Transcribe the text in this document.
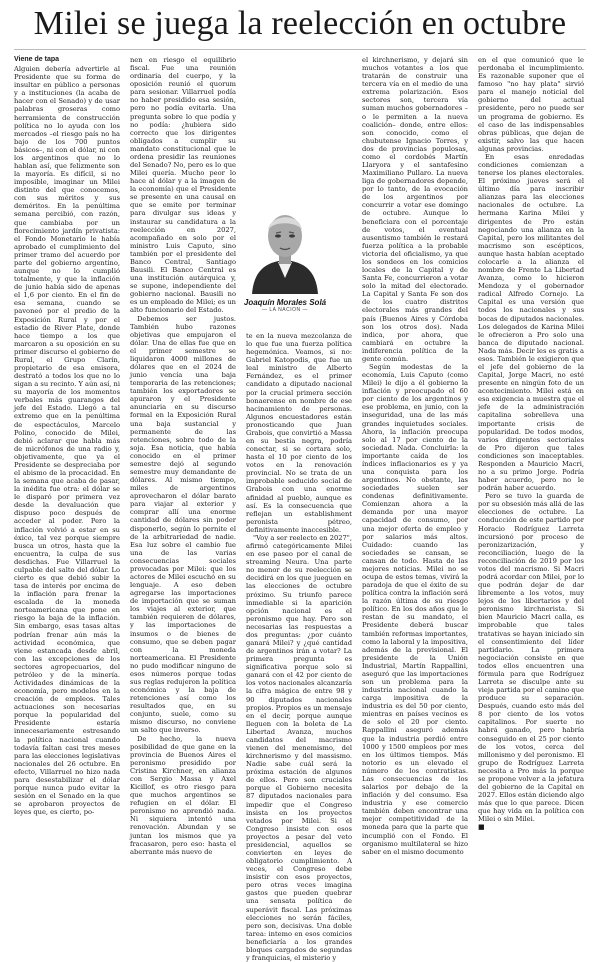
Milei se juega la reelección en octubre
Viene de tapa

Alguien debería advertirle al Presidente que su forma de insultar en público a personas y a instituciones (la acaba de hacer con el Senado) y de usar palabras groseras como herramienta de construcción política no lo ayuda con los mercados –el riesgo país no ha bajo de los 700 puntos básicos–, ni con el dólar, ni con los argentinos que no lo hablan así, que felizmente son la mayoría. Es difícil, si no imposible, imaginar un Milei distinto del que conocemos, con sus méritos y sus deméritos. En la penúltima semana percibió, con razón, que cambiaba por un florecimiento jardín privatista: el Fondo Monetario le había aprobado el cumplimiento del primer tramo del acuerdo por parte del gobierno argentino, aunque no lo cumplió totalmente, y que la inflación de junio había sido de apenas el 1,6 por ciento. En el fin de esa semana, cuando se pavoneó por el predio de la Exposición Rural y por el estadio de River Plate, donde hace tiempo a los que marcaron a su oposición en su primer discurso el gobierno de Rural, el Grupo Clarín, propietario de esa emisora, destrató a todos los que no lo sigan a su recinto. Y aún así, ni su mayoría de los momentos verbales más guarangos del jefe del Estado. Llegó a tal extremo que en la penúltima de espectáculos, Marcelo Polino, conocido de Milei, debió aclarar que habla más de micrófonos de una radio y, objetivamente, que ya el Presidente se despreciaba por el abismo de la procacidad. En la semana que acaba de pasar, la inédita fue otra: el dólar se le disparó por primera vez desde la devaluación que dispuso poco después de acceder al poder. Pero la inflación volvió a estar en su éxico, tal vez porque siempre busca un otros, hasta que la encuentra, la culpa de sus desdichas. Fue Villarruel la culpable del salto del dólar. Lo cierto es que debió subir la tasa de interés por encima de la inflación para frenar la escalada de la moneda norteamericana que pone en riesgo la baja de la inflación. Sin embargo, esas tasas altas podrían frenar aún más la actividad económica, que viene estancada desde abril, con las excepciones de los sectores agropecuarios, del petróleo y de la minería. Actividades dinámicas de la economía, pero modelos en la creación de empleos. Tales actuaciones son necesarias porque la popularidad del Presidente estaría innecesariamente estresando la política nacional cuando todavía faltan casi tres meses para las elecciones legislativas nacionales del 26 octubre. En efecto, Villarruel no hizo nada para desestabilizar el dólar porque nunca pudo evitar la sesión en el Senado en la que se aprobaron proyectos de leyes que, es cierto, po-

nen en riesgo el equilibrio fiscal. Fue una reunión ordinaria del cuerpo, y la oposición reunió el quorum para sesionar. Villarruel podía no haber presidido esa sesión, pero no podía evitarla. Una pregunta sobre lo que podía y no podía: ¿hubiera sido correcto que los dirigentes obligados a cumplir su mandato constitucional que le ordena presidir las reuniones del Senado? No, pero es lo que Milei quería. Mucho peor lo hace al dólar y a la imagen de la economía) que el Presidente se presente en una causal en que se emite por terminar para divulgar sus ideas y instaurar su candidatura a la reelección en 2027, acompañado en solo por el ministro Luis Caputo, sino también por el presidente del Banco Central, Santiago Bausili. El Banco Central es una institución autárquica y, se supone, independiente del gobierno nacional. Bausili no es un empleado de Milei; es un alto funcionario del Estado.

Debemos ser justos. También hubo razones objetivas que empujaron el dólar. Una de ellas fue que en el primer semestre se liquidaron 4000 millones de dólares que en el 2024 de junio vencía una baja temporaria de las retenciones; también los exportadores se apuraron y el Presidente anunciaria en su discurso formal en la Exposición Rural una baja sustancial y permanente de las retenciones, sobre todo de la soja. Esa noticia, que había conocido en el primer semestre dejó al segundo semestre muy demandante de dólares. Al mismo tiempo, miles de argentinos aprovecharon el dólar barato para viajar al exterior y comprar allí una enorme cantidad de dólares sin poder disponerlo, según lo pernite el de la arbitrariedad de nadie. Esa luz sobre el cambio fue una de las varias consecuencias sociales provocadas por Milei: que los actores de Milei escuchó en su lenguaje. A eso deben agregarse las importaciones de importación que se suman los viajes al exterior, que también requieren de dólares, y las importaciones de insumos o de bienes de consumo, que se deben pagar con la moneda norteamericana. El Presidente no pudo modificar ninguno de esos números porque todas sus reglas redujeron la política económica y la baja de retenciones así como los resultados que, en su conjunto, suele, como su mismo discurso, no conviene un salto que inverso.

De hecho, la nueva posibilidad de que gane en la provincia de Buenos Aires el peronismo presidido por Cristina Kirchner, en alianza con Sergio Massa y Axel Kicillof, es otro riesgo para que muchos argentinos se refugien en el dólar. El peronismo no aprendió nada. Ni siquiera intentó una renovación. Abundan y se juntan los mismos que ya fracasaron, pero eso: hasta el aberrante más nuevo de

te en la nueva mezcolanza de lo que fue una fuerza política hegemónica. Veamos, si no: Gabriel Katopodis, que fue un leal ministro de Alberto Fernández, es el primer candidato a diputado nacional por la crucial primera sección bonaerense en nombre de ese hacinamiento de personas. Algunos encuestadores están pronosticando que Juan Grabois, que convirtió a Massa en su bestia negra, podría conectar, si se cortara solo, hasta el 10 por ciento de los votos en la renovación provincial. No se trata de un improbable seducido social de Grabois con una enorme afinidad al pueblo, aunque es así. Es la consecuencia que reflejan un establishment peronista pétreo, definitivamente inaccesible.

"Voy a ser reelecto en 2027", afirmó categóricamente Milei en ese paseo por el canal de streaming Neura. Una parte no menor de su reelección se decidirá en los que jueguen en las elecciones de octubre próximo. Su triunfo parece inmediable si la aparición opción nacional es el peronismo que hay. Pero son necesarias las respuestas a dos preguntas: ¿por cuánto ganará Milei? y ¿qué cantidad de argentinos irán a votar? La primera pregunta es significativa porque solo si ganará con el 42 por ciento de los votos nacionales alcanzaría la cifra mágica de entre 98 y 90 diputados nacionales propios. Propios es un mensaje en el decir, porque aunque lleguen con la boleta de La Libertad Avanza, muchos candidatos del macrismo vienen del menemismo, del kirchnerismo y del massismo. Nadie sabe cuál será la próxima estación de algunos de ellos. Pero son cruciales porque el Gobierno necesita 87 diputados nacionales para impedir que el Congreso insista en los proyectos vetados por Milei. Si el Congreso insiste con esos proyectos a pesar del veto presidencial, aquellos se convierten en leyes de obligatorio cumplimiento. A veces, el Congreso debe insistir con esos proyectos, pero otras veces imagina gastos que pueden quebrar una sensata política de superávit fiscal. Las próximas elecciones no serán fáciles, pero son, decisivas. Una doble tarea: intemo en esos comicios beneficiaría a los grandes bloques cargados de segundas y franquicias, el misterio y

el kirchnerismo, y dejará sin muchos votantes a los que tratarán de construir una tercera vía en el medio de una extrema polarización. Esos sectores son, tercera vía suman muchos gobernadores –o le permiten a la nueva coalición– donde, entre ellos: son conocido, como el chubutense Ignacio Torres, y dos de provincias populosas, como el cordobés Martín Llaryora y el santafesino Maximiliano Pullaro. La nueva liga de gobernadores depende, por lo tanto, de la evocación de los argentinos por concurrir a votar ese domingo de octubre. Aunque lo beneficiara con el porcentaje de votos, el eventual ausentismo también le restará fuerza política a la probable victoria del oficialismo, ya que los sondeos en los comicios locales de la Capital y de Santa Fe, concurrieron a votar solo la mitad del electorado. La Capital y Santa Fe son dos de los cuatro distritos electorales más grandes del país (Buenos Aires y Córdoba son los otros dos). Nada indica, por ahora, que cambiará en octubre la indiferencia política de la gente común.

Según modestas de la economía, Luis Caputo (como Milei) le dijo a él gobierno la inflación y preocupado el 60 por ciento de los argentinos y ese problema, en junio, con la inseguridad, una de las más grandes inquietudes sociales. Ahora, la inflación preocupa solo al 17 por ciento de la sociedad. Nada. Concluirla: la importante caída de los índices inflacionarios es y ya una conquista para los argentinos. No obstante, las sociedades suelen ser condenas definitivamente. Comienzan ahora a la demanda por una mayor capacidad de consumo, por una mejor oferta de empleo y por salarios más altos. Cuidado: cuando las sociedades se cansan, se cansan de todo. Hasta de las mejores noticias. Milei no se ocupa de estos temas, vivirá la paradoja de que el éxito de su política contra la inflación será la razón última de su riesgo político. En los dos años que le restan de su mandato, el Presidente deberá buscar también reformas importantes, como la laboral y la impositiva, además de la previsional. El presidente de la Unión Industrial, Martín Rappallini, aseguró que las importaciones son un problema para la industria nacional cuando la carga impositiva de la industria es del 50 por ciento, mientras en países vecinos es de solo el 20 por ciento. Rappallini aseguró además que la industria perdió entre 1000 y 1500 empleos por mes en los últimos tiempos. Más notorio es un elevado el número de los contratistas. Las consecuencias de los salarios por debajo de la inflación y del consumo. Esa industria y ese comercio también deben encontrar una mejor competitividad de la moneda para que la parte que incumplió con el Fondo. El organismo multilateral se hizo saber en el mismo documento

en el que comunicó que le perdonaba el incumplimiento. Es razonable suponer que el famoso "no hay plata" sirvió para el manejo noticial del gobierno del actual presidente, pero no puede ser un programa de gobierno. Es el caso de las indispensables obras públicas, que dejan de existir, salvo las que hacen algunas provincias.

En esas enredadas condiciones comienzan a tenerse los planes electorales. El próximo jueves será el último día para inscribir alianzas para las elecciones nacionales de octubre. La hermana Karina Milei y dirigentes de Pro están negociando una alianza en la Capital, pero los militantes del macrismo son escépticos, aunque hasta habían aceptado colocarle a la alianza el nombre de Frente La Libertad Avanza, como lo hicieron Mendoza y el gobernador radical Alfredo Cornejo. La Capital es una versión que todos los nacionales y sus bocas de diputados nacionales. Los delegados de Karina Milei le ofrecieron a Pro solo una banca de diputado nacional. Nada más. Decir les es gratis a esos. También le exigieron que el jefe del gobierno de la Capital, Jorge Macri, no esté presente en ningún foto de un acontecimiento. Milei está en esa exigencia a muestra que el jefe de la administración capitalina sobrelleva una importante crisis de popularidad. De todos modos, varios dirigentes sectoriales de Pro dijeron que tales condiciones son inaceptables. Responden a Mauricio Macri, no a su primo Jorge. Podría haber acuerdo, pero no le podrán haber acuerdo.

Pero se tuvo la guarda de por su obsesión más allá de las elecciones de octubre. La conducción de este partido por Horacio Rodríguez Larreta incursionó por proceso de peronizarización, y reconciliación, luego de la reconciliación de 2019 por los votos del macrismo. Si Macri podrá acordar con Milei, por lo que podrán dejar de dar libremente a los votos, muy lejos de los libertarios y del peronismo kirchnerista. Si bien Mauricio Macri calla, es improbable que tales tratativas se hayan iniciado sin el consentimiento del líder partidario. La primera negociación consiste en que todos ellos encuentren una fórmula para que Rodríguez Larreta se disculpe ante su vieja partida por el camino que produce su separación. Después, cuando esto más del 8 por ciento de los votos capitalinos. Por suerte no habrá ganado, pero habría conseguido en el 25 por ciento de los votos, cerca del millonismo y del peronismo. El grupo de Rodríguez Larreta necesita a Pro más la porque se propone volver a la jefatura del gobierno de la Capital en 2027. Ellos están diciendo algo más que lo que parece. Dicen que hay vida en la política con Milei o sin Milei.

■
Joaquín Morales Solá
— LA NACION —
